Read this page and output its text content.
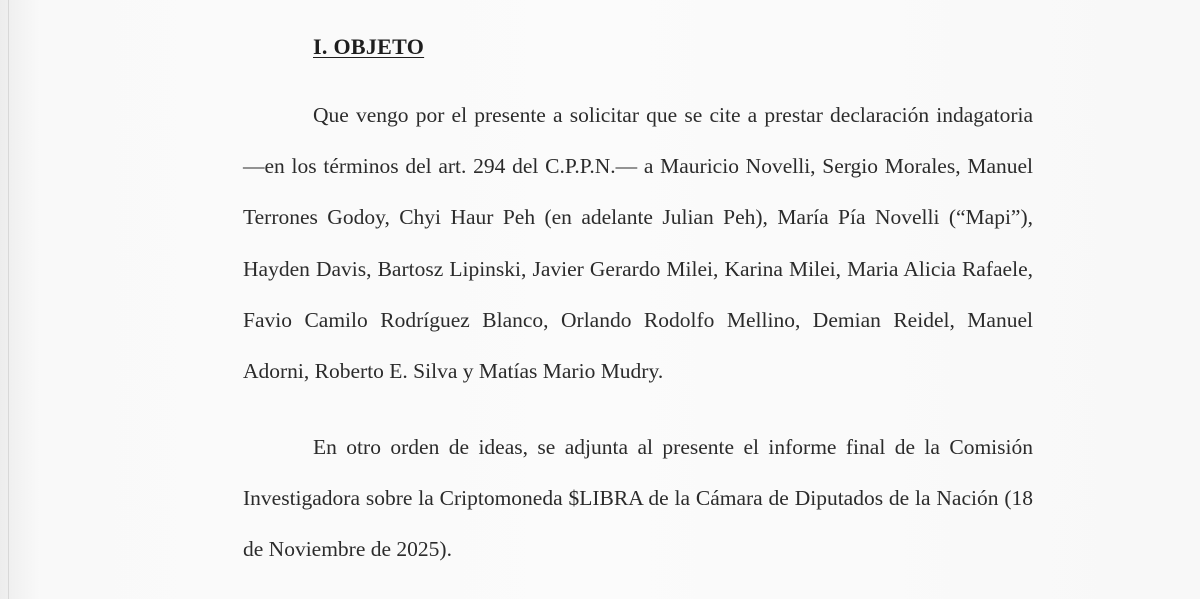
I. OBJETO

Que vengo por el presente a solicitar que se cite a prestar declaración indagatoria —en los términos del art. 294 del C.P.P.N.— a Mauricio Novelli, Sergio Morales, Manuel Terrones Godoy, Chyi Haur Peh (en adelante Julian Peh), María Pía Novelli (“Mapi”), Hayden Davis, Bartosz Lipinski, Javier Gerardo Milei, Karina Milei, Maria Alicia Rafaele, Favio Camilo Rodríguez Blanco, Orlando Rodolfo Mellino, Demian Reidel, Manuel Adorni, Roberto E. Silva y Matías Mario Mudry.

En otro orden de ideas, se adjunta al presente el informe final de la Comisión Investigadora sobre la Criptomoneda $LIBRA de la Cámara de Diputados de la Nación (18 de Noviembre de 2025).
